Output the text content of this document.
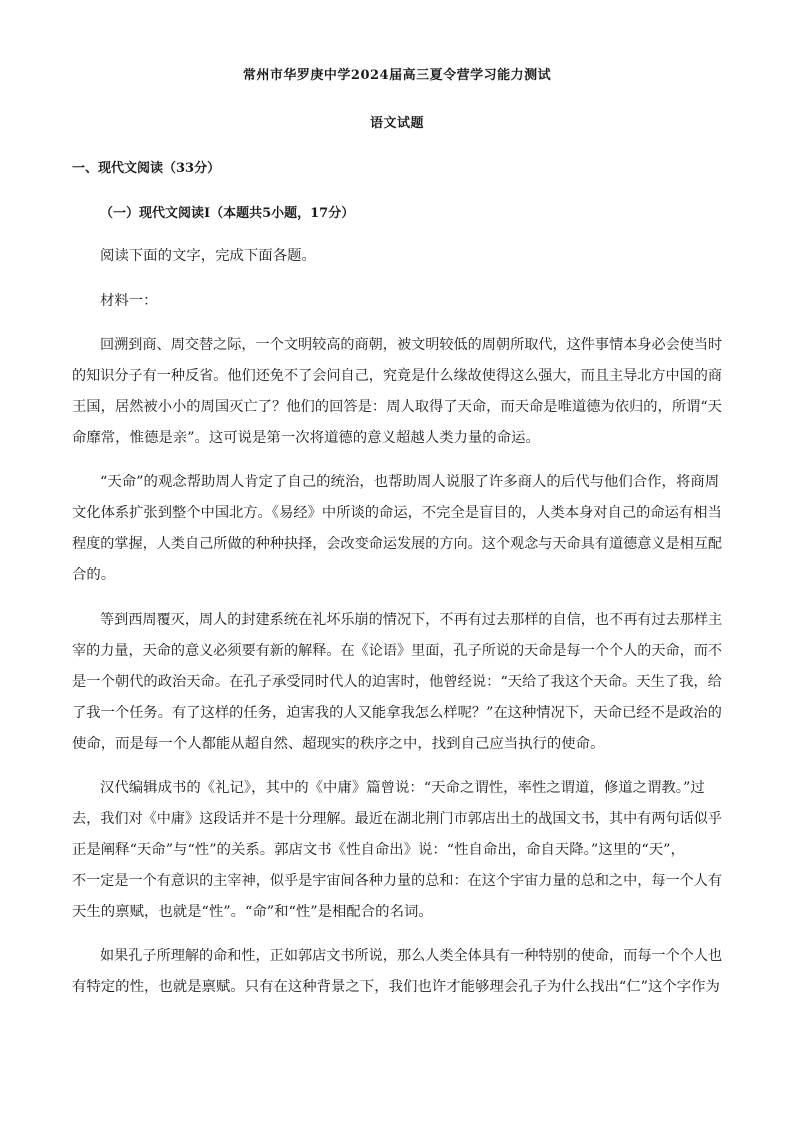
常州市华罗庚中学2024届高三夏令营学习能力测试
语文试题
一、现代文阅读（33分）
（一）现代文阅读Ⅰ（本题共5小题，17分）
阅读下面的文字，完成下面各题。
材料一：
回溯到商、周交替之际，一个文明较高的商朝，被文明较低的周朝所取代，这件事情本身必会使当时
的知识分子有一种反省。他们还免不了会问自己，究竟是什么缘故使得这么强大，而且主导北方中国的商
王国，居然被小小的周国灭亡了？他们的回答是：周人取得了天命，而天命是唯道德为依归的，所谓“天
命靡常，惟德是亲”。这可说是第一次将道德的意义超越人类力量的命运。
“天命”的观念帮助周人肯定了自己的统治，也帮助周人说服了许多商人的后代与他们合作，将商周
文化体系扩张到整个中国北方。《易经》中所谈的命运，不完全是盲目的，人类本身对自己的命运有相当
程度的掌握，人类自己所做的种种抉择，会改变命运发展的方向。这个观念与天命具有道德意义是相互配
合的。
等到西周覆灭，周人的封建系统在礼坏乐崩的情况下，不再有过去那样的自信，也不再有过去那样主
宰的力量，天命的意义必须要有新的解释。在《论语》里面，孔子所说的天命是每一个个人的天命，而不
是一个朝代的政治天命。在孔子承受同时代人的迫害时，他曾经说：“天给了我这个天命。天生了我，给
了我一个任务。有了这样的任务，迫害我的人又能拿我怎么样呢？”在这种情况下，天命已经不是政治的
使命，而是每一个人都能从超自然、超现实的秩序之中，找到自己应当执行的使命。
汉代编辑成书的《礼记》，其中的《中庸》篇曾说：“天命之谓性，率性之谓道，修道之谓教。”过
去，我们对《中庸》这段话并不是十分理解。最近在湖北荆门市郭店出土的战国文书，其中有两句话似乎
正是阐释“天命”与“性”的关系。郭店文书《性自命出》说：“性自命出，命自天降。”这里的“天”，
不一定是一个有意识的主宰神，似乎是宇宙间各种力量的总和：在这个宇宙力量的总和之中，每一个人有
天生的禀赋，也就是“性”。“命”和“性”是相配合的名词。
如果孔子所理解的命和性，正如郭店文书所说，那么人类全体具有一种特别的使命，而每一个个人也
有特定的性，也就是禀赋。只有在这种背景之下，我们也许才能够理会孔子为什么找出“仁”这个字作为
